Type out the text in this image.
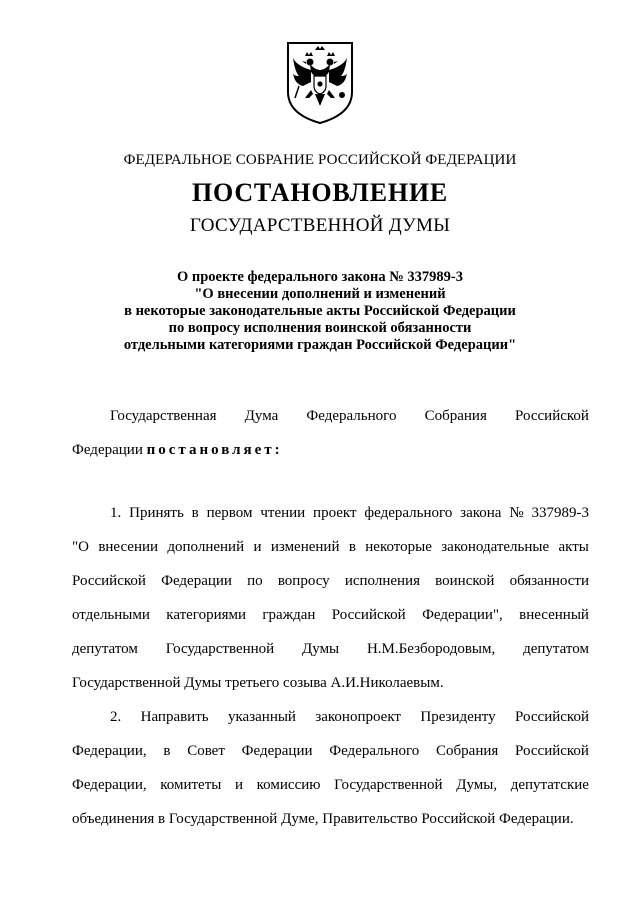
ФЕДЕРАЛЬНОЕ СОБРАНИЕ РОССИЙСКОЙ ФЕДЕРАЦИИ
ПОСТАНОВЛЕНИЕ
ГОСУДАРСТВЕННОЙ ДУМЫ
О проекте федерального закона № 337989-3
"О внесении дополнений и изменений
в некоторые законодательные акты Российской Федерации
по вопросу исполнения воинской обязанности
отдельными категориями граждан Российской Федерации"
Государственная Дума Федерального Собрания Российской
Федерации постановляет:
1. Принять в первом чтении проект федерального закона № 337989-3
"О внесении дополнений и изменений в некоторые законодательные акты
Российской Федерации по вопросу исполнения воинской обязанности
отдельными категориями граждан Российской Федерации", внесенный
депутатом Государственной Думы Н.М.Безбородовым, депутатом
Государственной Думы третьего созыва А.И.Николаевым.
2. Направить указанный законопроект Президенту Российской
Федерации, в Совет Федерации Федерального Собрания Российской
Федерации, комитеты и комиссию Государственной Думы, депутатские
объединения в Государственной Думе, Правительство Российской Федерации.
